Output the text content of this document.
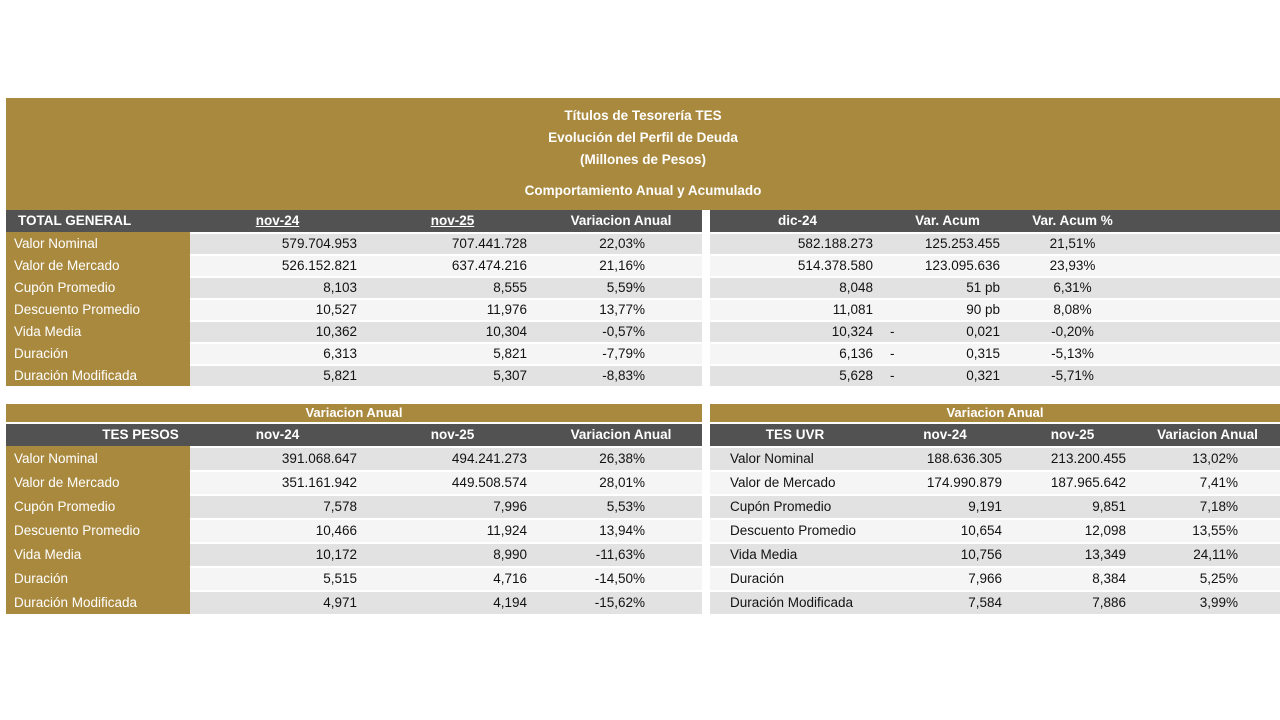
Títulos de Tesorería TES
Evolución del Perfil de Deuda
(Millones de Pesos)
Comportamiento Anual y Acumulado
TOTAL GENERAL	nov-24	nov-25	Variacion Anual	dic-24	Var. Acum	Var. Acum %
Valor Nominal	579.704.953	707.441.728	22,03%	582.188.273	125.253.455	21,51%
Valor de Mercado	526.152.821	637.474.216	21,16%	514.378.580	123.095.636	23,93%
Cupón Promedio	8,103	8,555	5,59%	8,048	51 pb	6,31%
Descuento Promedio	10,527	11,976	13,77%	11,081	90 pb	8,08%
Vida Media	10,362	10,304	-0,57%	10,324	-	0,021	-0,20%
Duración	6,313	5,821	-7,79%	6,136	-	0,315	-5,13%
Duración Modificada	5,821	5,307	-8,83%	5,628	-	0,321	-5,71%
Variacion Anual
TES PESOS	nov-24	nov-25	Variacion Anual
Valor Nominal	391.068.647	494.241.273	26,38%
Valor de Mercado	351.161.942	449.508.574	28,01%
Cupón Promedio	7,578	7,996	5,53%
Descuento Promedio	10,466	11,924	13,94%
Vida Media	10,172	8,990	-11,63%
Duración	5,515	4,716	-14,50%
Duración Modificada	4,971	4,194	-15,62%
Variacion Anual
TES UVR	nov-24	nov-25	Variacion Anual
Valor Nominal	188.636.305	213.200.455	13,02%
Valor de Mercado	174.990.879	187.965.642	7,41%
Cupón Promedio	9,191	9,851	7,18%
Descuento Promedio	10,654	12,098	13,55%
Vida Media	10,756	13,349	24,11%
Duración	7,966	8,384	5,25%
Duración Modificada	7,584	7,886	3,99%
